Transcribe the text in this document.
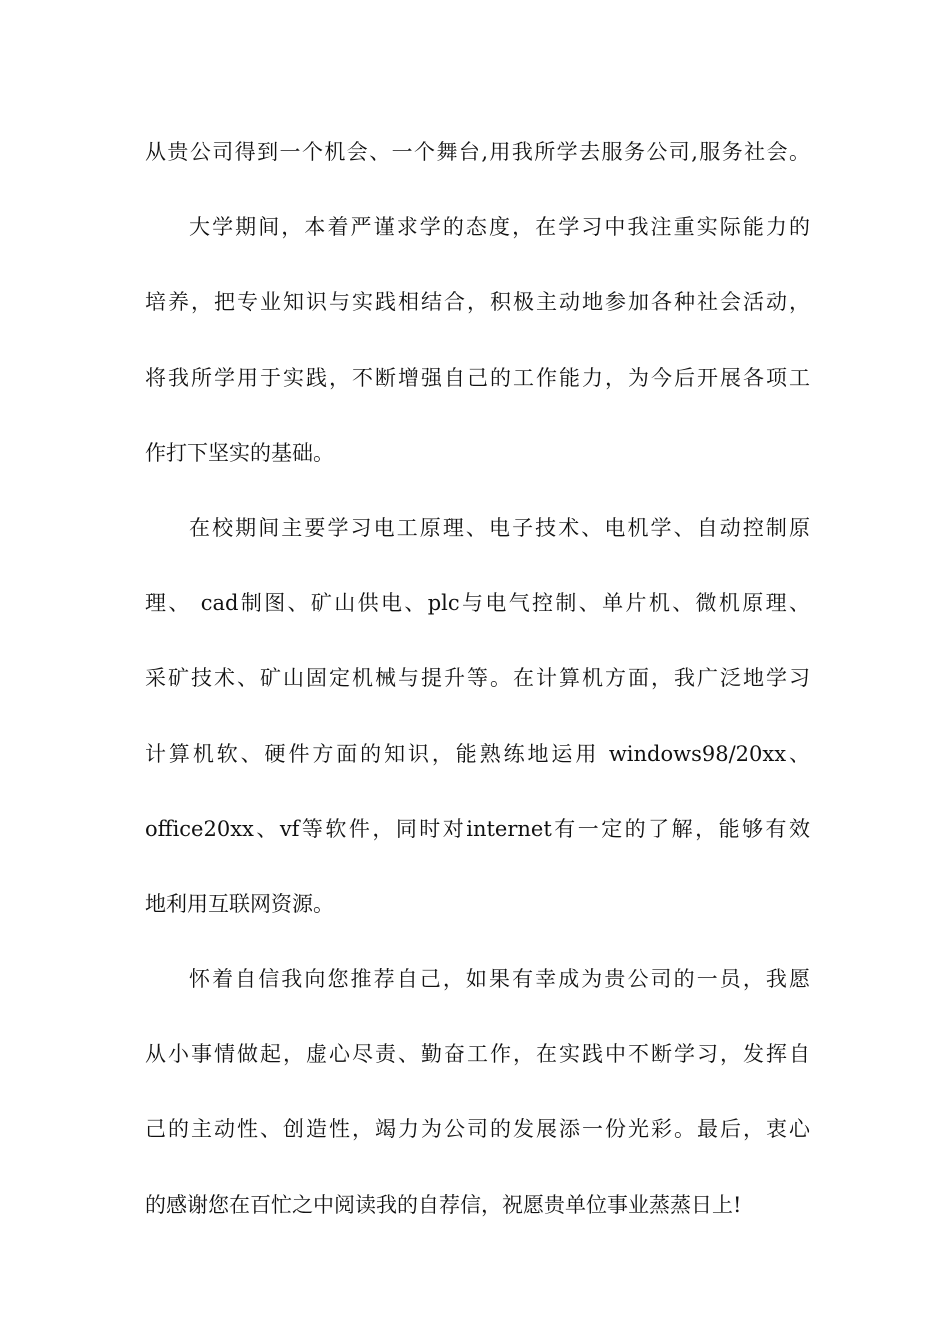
从贵公司得到一个机会、一个舞台,用我所学去服务公司,服务社会。
大学期间，本着严谨求学的态度，在学习中我注重实际能力的
培养，把专业知识与实践相结合，积极主动地参加各种社会活动，
将我所学用于实践，不断增强自己的工作能力，为今后开展各项工
作打下坚实的基础。
在校期间主要学习电工原理、电子技术、电机学、自动控制原
理、 cad制图、矿山供电、plc与电气控制、单片机、微机原理、
采矿技术、矿山固定机械与提升等。在计算机方面，我广泛地学习
计算机软、硬件方面的知识，能熟练地运用 windows98/20xx、
office20xx、vf等软件，同时对internet有一定的了解，能够有效
地利用互联网资源。
怀着自信我向您推荐自己，如果有幸成为贵公司的一员，我愿
从小事情做起，虚心尽责、勤奋工作，在实践中不断学习，发挥自
己的主动性、创造性，竭力为公司的发展添一份光彩。最后，衷心
的感谢您在百忙之中阅读我的自荐信，祝愿贵单位事业蒸蒸日上!
